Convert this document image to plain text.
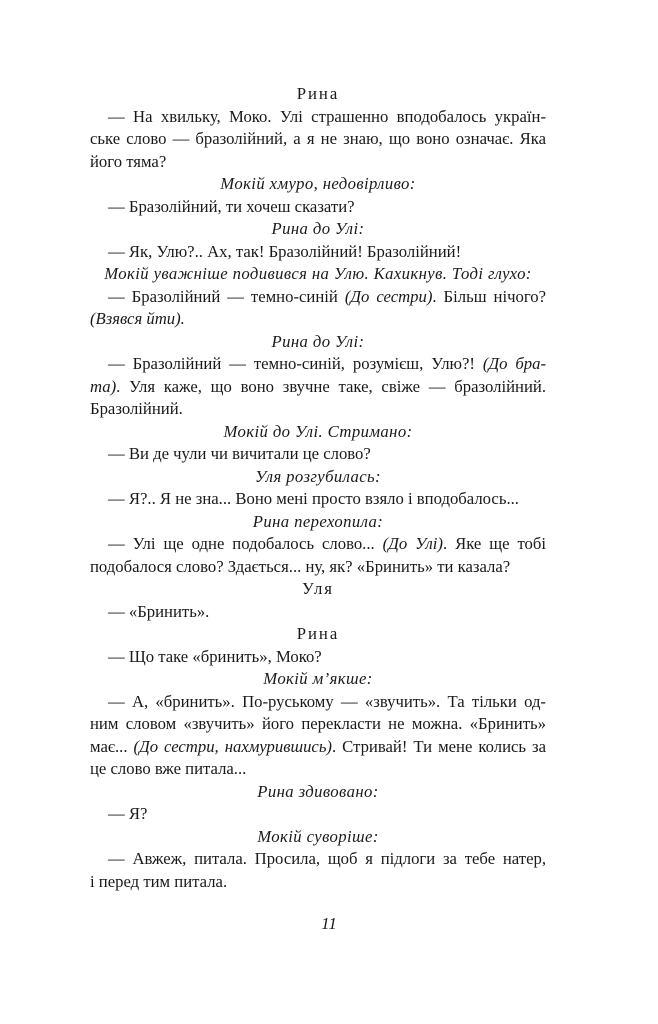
Рина
— На хвильку, Моко. Улі страшенно вподобалось україн-
ське слово — бразолійний, а я не знаю, що воно означає. Яка
його тяма?
Мокій хмуро, недовірливо:
— Бразолійний, ти хочеш сказати?
Рина до Улі:
— Як, Улю?.. Ах, так! Бразолійний! Бразолійний!
Мокій уважніше подивився на Улю. Кахикнув. Тоді глухо:
— Бразолійний — темно-синій (До сестри). Більш нічого?
(Взявся йти).
Рина до Улі:
— Бразолійний — темно-синій, розумієш, Улю?! (До бра-
та). Уля каже, що воно звучне таке, свіже — бразолійний.
Бразолійний.
Мокій до Улі. Стримано:
— Ви де чули чи вичитали це слово?
Уля розгубилась:
— Я?.. Я не зна... Воно мені просто взяло і вподобалось...
Рина перехопила:
— Улі ще одне подобалось слово... (До Улі). Яке ще тобі
подобалося слово? Здається... ну, як? «Бринить» ти казала?
Уля
— «Бринить».
Рина
— Що таке «бринить», Моко?
Мокій м’якше:
— А, «бринить». По-руському — «звучить». Та тільки од-
ним словом «звучить» його перекласти не можна. «Бринить»
має... (До сестри, нахмурившись). Стривай! Ти мене колись за
це слово вже питала...
Рина здивовано:
— Я?
Мокій суворіше:
— Авжеж, питала. Просила, щоб я підлоги за тебе натер,
і перед тим питала.
11
